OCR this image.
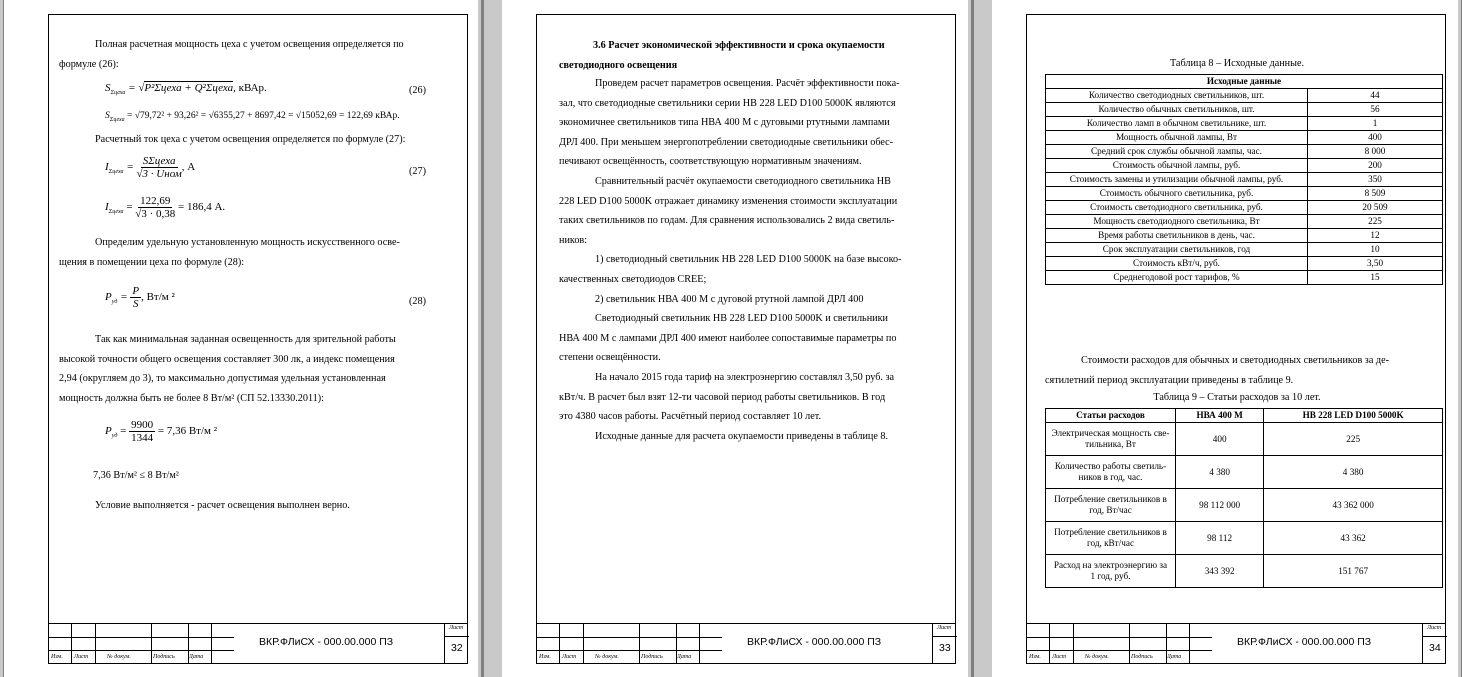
Полная расчетная мощность цеха с учетом освещения определяется по
формуле (26):
$S_{\Sigma цеха}$ = √P²Σцеха + Q²Σцеха, кВАр.	(26)
$S_{\Sigma цеха} = √79,72^2 + 93,26^2 = √6355,27 + 8697,42 = √15052,69 = 122,69$ кВАр.
Расчетный ток цеха с учетом освещения определяется по формуле (27):
$I_{\Sigma цеха}$ =
SΣцеха
√3 · Uном
, А	(27)
$I_{\Sigma цеха} = \frac{122,69}{√3 \cdot 0,38} = 186,4$ А.
Определим удельную установленную мощность искусственного осве-
щения в помещении цеха по формуле (28):
$P_{уд} = \frac{P}{S}$ , Вт/м ²	(28)
Так как минимальная заданная освещенность для зрительной работы
высокой точности общего освещения составляет 300 лк, а индекс помещения
2,94 (округляем до 3), то максимально допустимая удельная установленная
мощность должна быть не более 8 Вт/м² (СП 52.13330.2011):
$P_{уд} = \frac{9900}{1344} = 7,36$ Вт/м ²
7,36 Вт/м² ≤ 8 Вт/м²
Условие выполняется - расчет освещения выполнен верно.
Изм. Лист	№ докум.	Подпись Дата
ВКР.ФЛиСХ - 000.00.000 ПЗ
Лист
32
3.6 Расчет экономической эффективности и срока окупаемости
светодиодного освещения
Проведем расчет параметров освещения. Расчёт эффективности пока-
зал, что светодиодные светильники серии НВ 228 LED D100 5000K являются
экономичнее светильников типа НВА 400 М с дуговыми ртутными лампами
ДРЛ 400. При меньшем энергопотреблении светодиодные светильники обес-
печивают освещённость, соответствующую нормативным значениям.
Сравнительный расчёт окупаемости светодиодного светильника НВ
228 LED D100 5000K отражает динамику изменения стоимости эксплуатации
таких светильников по годам. Для сравнения использовались 2 вида светиль-
ников:
1) светодиодный светильник НВ 228 LED D100 5000K на базе высоко-
качественных светодиодов CREE;
2) светильник НВА 400 М с дуговой ртутной лампой ДРЛ 400
Светодиодный светильник НВ 228 LED D100 5000K и светильники
НВА 400 М с лампами ДРЛ 400 имеют наиболее сопоставимые параметры по
степени освещённости.
На начало 2015 года тариф на электроэнергию составлял 3,50 руб. за
кВт/ч. В расчет был взят 12-ти часовой период работы светильников. В год
это 4380 часов работы. Расчётный период составляет 10 лет.
Исходные данные для расчета окупаемости приведены в таблице 8.
Изм. Лист	№ докум.	Подпись Дата
ВКР.ФЛиСХ - 000.00.000 ПЗ
Лист
33
Таблица 8 – Исходные данные.
Исходные данные	
Количество светодиодных светильников, шт.	44
Количество обычных светильников, шт.	56
Количество ламп в обычном светильнике, шт.	1
Мощность обычной лампы, Вт	400
Средний срок службы обычной лампы, час.	8 000
Стоимость обычной лампы, руб.	200
Стоимость замены и утилизации обычной лампы, руб.	350
Стоимость обычного светильника, руб.	8 509
Стоимость светодиодного светильника, руб.	20 509
Мощность светодиодного светильника, Вт	225
Время работы светильников в день, час.	12
Срок эксплуатации светильников, год	10
Стоимость кВт/ч, руб.	3,50
Среднегодовой рост тарифов, %	15
Стоимости расходов для обычных и светодиодных светильников за де-
сятилетний период эксплуатации приведены в таблице 9.
Таблица 9 – Статьи расходов за 10 лет.
Статьи расходов	НВА 400 М	НВ 228 LED D100 5000K

Электрическая мощность све-
тильника, Вт	400	225

Количество работы светиль-
ников в год, час.	4 380	4 380

Потребление светильников в
год, Вт/час	98 112 000	43 362 000

Потребление светильников в
год, кВт/час	98 112	43 362

Расход на электроэнергию за
1 год, руб.	343 392	151 767
Изм. Лист	№ докум.	Подпись Дата
ВКР.ФЛиСХ - 000.00.000 ПЗ
Лист
34
